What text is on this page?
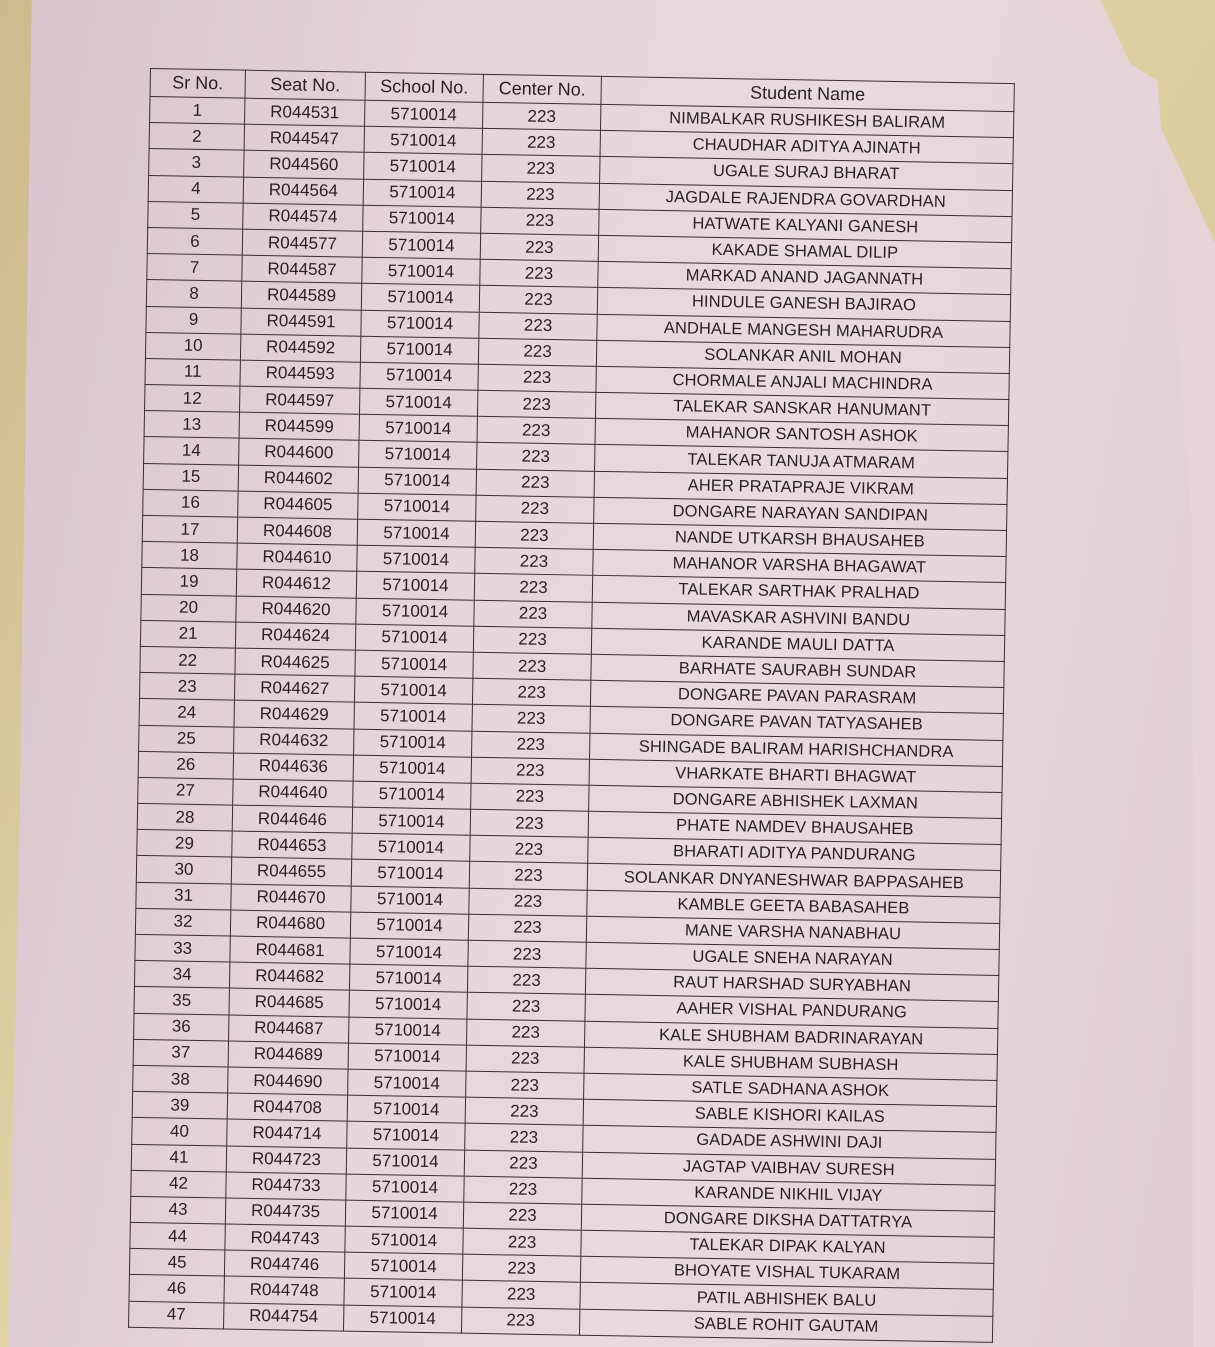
Sr No.	Seat No.	School No.	Center No.	Student Name
1	R044531	5710014	223	NIMBALKAR RUSHIKESH BALIRAM
2	R044547	5710014	223	CHAUDHAR ADITYA AJINATH
3	R044560	5710014	223	UGALE SURAJ BHARAT
4	R044564	5710014	223	JAGDALE RAJENDRA GOVARDHAN
5	R044574	5710014	223	HATWATE KALYANI GANESH
6	R044577	5710014	223	KAKADE SHAMAL DILIP
7	R044587	5710014	223	MARKAD ANAND JAGANNATH
8	R044589	5710014	223	HINDULE GANESH BAJIRAO
9	R044591	5710014	223	ANDHALE MANGESH MAHARUDRA
10	R044592	5710014	223	SOLANKAR ANIL MOHAN
11	R044593	5710014	223	CHORMALE ANJALI MACHINDRA
12	R044597	5710014	223	TALEKAR SANSKAR HANUMANT
13	R044599	5710014	223	MAHANOR SANTOSH ASHOK
14	R044600	5710014	223	TALEKAR TANUJA ATMARAM
15	R044602	5710014	223	AHER PRATAPRAJE VIKRAM
16	R044605	5710014	223	DONGARE NARAYAN SANDIPAN
17	R044608	5710014	223	NANDE UTKARSH BHAUSAHEB
18	R044610	5710014	223	MAHANOR VARSHA BHAGAWAT
19	R044612	5710014	223	TALEKAR SARTHAK PRALHAD
20	R044620	5710014	223	MAVASKAR ASHVINI BANDU
21	R044624	5710014	223	KARANDE MAULI DATTA
22	R044625	5710014	223	BARHATE SAURABH SUNDAR
23	R044627	5710014	223	DONGARE PAVAN PARASRAM
24	R044629	5710014	223	DONGARE PAVAN TATYASAHEB
25	R044632	5710014	223	SHINGADE BALIRAM HARISHCHANDRA
26	R044636	5710014	223	VHARKATE BHARTI BHAGWAT
27	R044640	5710014	223	DONGARE ABHISHEK LAXMAN
28	R044646	5710014	223	PHATE NAMDEV BHAUSAHEB
29	R044653	5710014	223	BHARATI ADITYA PANDURANG
30	R044655	5710014	223	SOLANKAR DNYANESHWAR BAPPASAHEB
31	R044670	5710014	223	KAMBLE GEETA BABASAHEB
32	R044680	5710014	223	MANE VARSHA NANABHAU
33	R044681	5710014	223	UGALE SNEHA NARAYAN
34	R044682	5710014	223	RAUT HARSHAD SURYABHAN
35	R044685	5710014	223	AAHER VISHAL PANDURANG
36	R044687	5710014	223	KALE SHUBHAM BADRINARAYAN
37	R044689	5710014	223	KALE SHUBHAM SUBHASH
38	R044690	5710014	223	SATLE SADHANA ASHOK
39	R044708	5710014	223	SABLE KISHORI KAILAS
40	R044714	5710014	223	GADADE ASHWINI DAJI
41	R044723	5710014	223	JAGTAP VAIBHAV SURESH
42	R044733	5710014	223	KARANDE NIKHIL VIJAY
43	R044735	5710014	223	DONGARE DIKSHA DATTATRYA
44	R044743	5710014	223	TALEKAR DIPAK KALYAN
45	R044746	5710014	223	BHOYATE VISHAL TUKARAM
46	R044748	5710014	223	PATIL ABHISHEK BALU
47	R044754	5710014	223	SABLE ROHIT GAUTAM
